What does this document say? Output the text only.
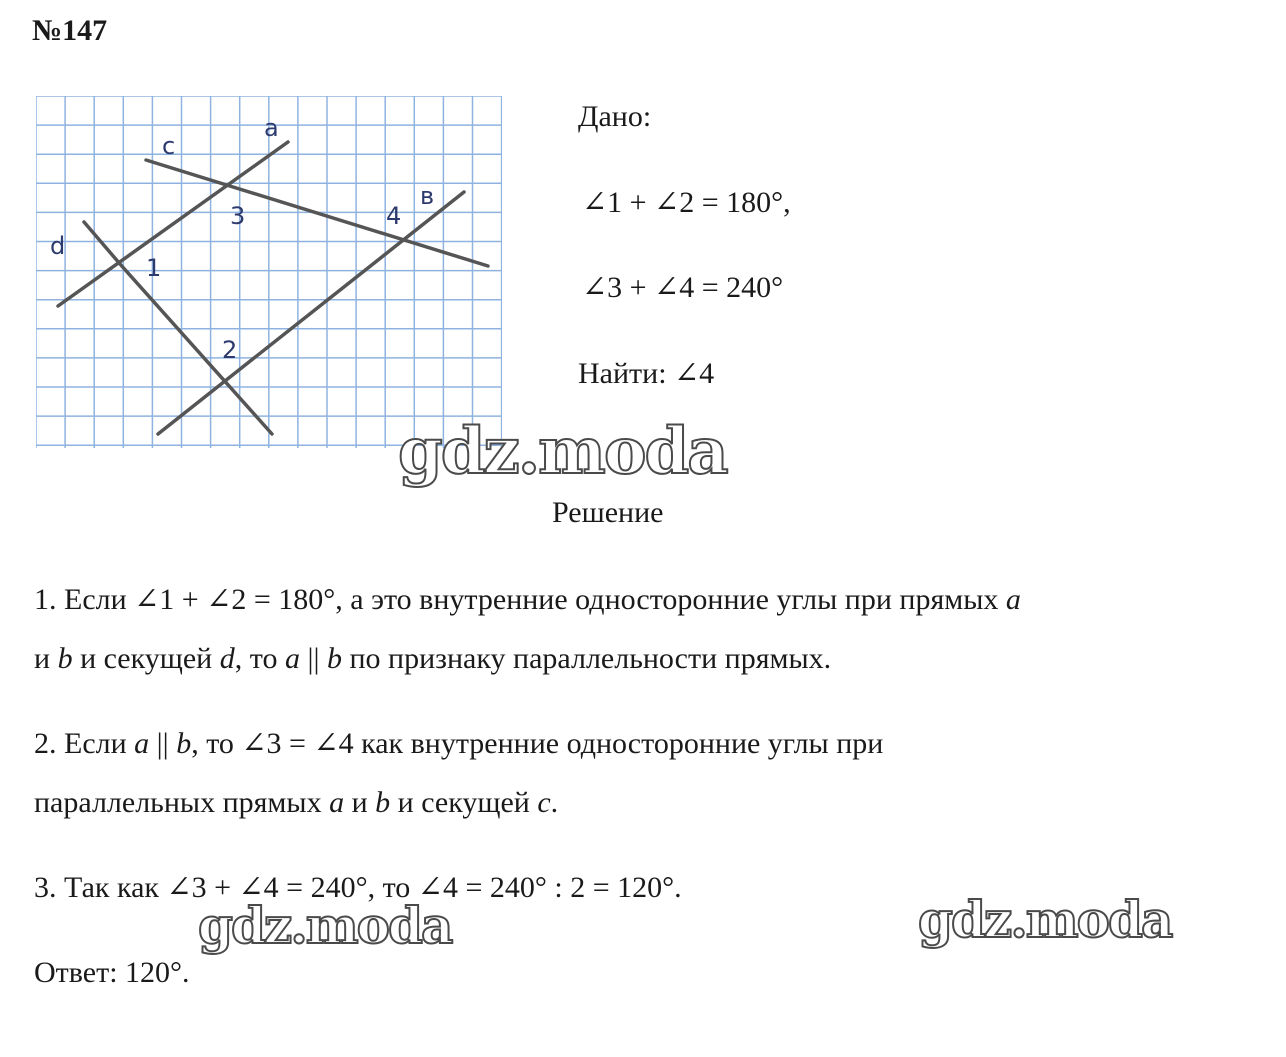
№147
a
в
c
d
1
2
3	4
Дано:
∠1 + ∠2 = 180°,
∠3 + ∠4 = 240°
Найти: ∠4
Решение
1. Если ∠1 + ∠2 = 180°, а это внутренние односторонние углы при прямых a
и b и секущей d, то a || b по признаку параллельности прямых.
2. Если a || b, то ∠3 = ∠4 как внутренние односторонние углы при
параллельных прямых a и b и секущей c.
3. Так как ∠3 + ∠4 = 240°, то ∠4 = 240° : 2 = 120°.
Ответ: 120°.
gdz.moda
gdz.moda	gdz.moda
